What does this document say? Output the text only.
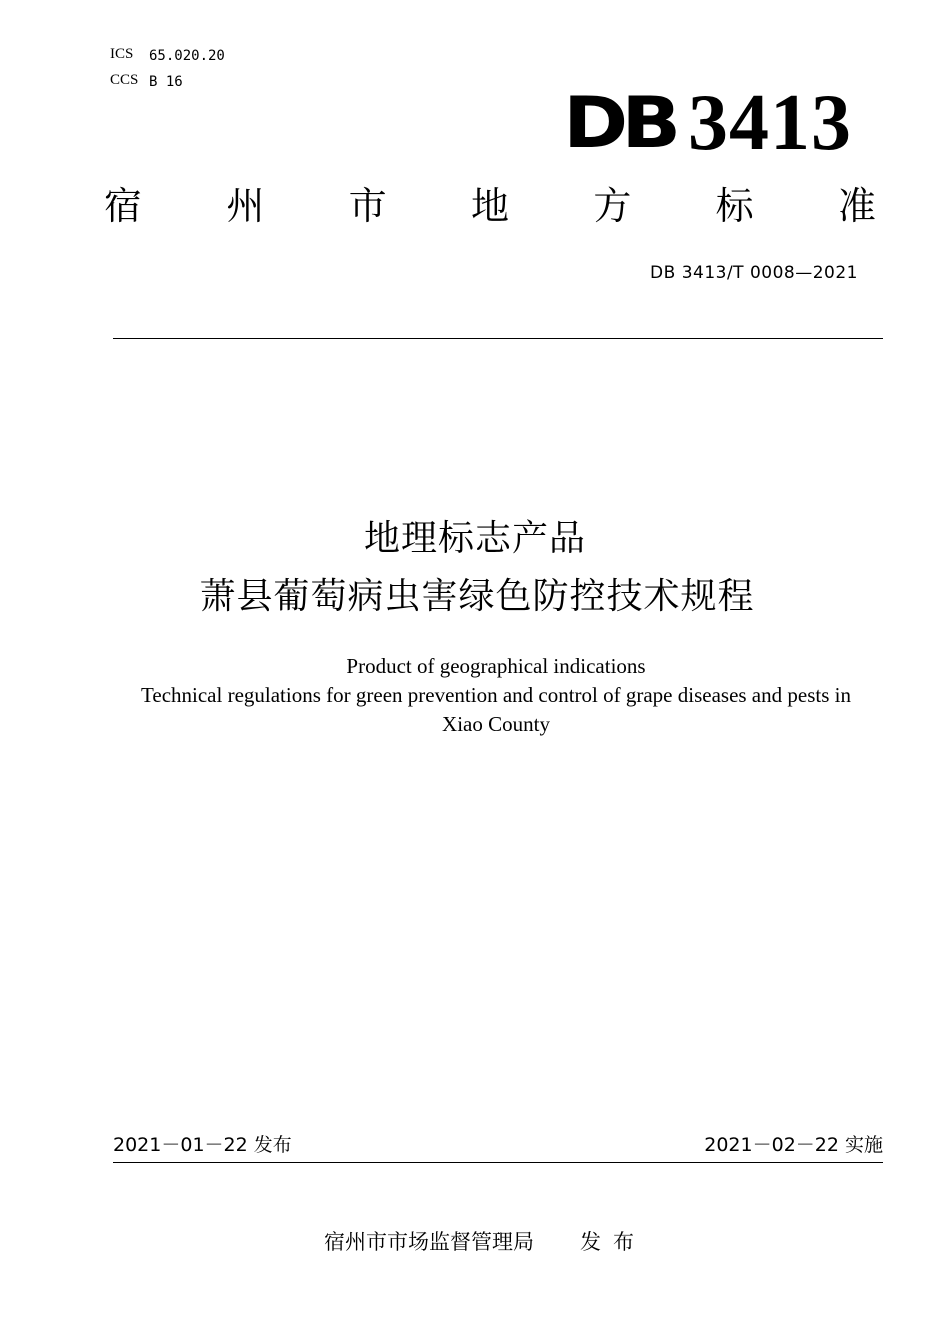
ICS 65.020.20
CCS B 16	DB 3413
宿 州 市 地 方 标 准
DB 3413/T 0008—2021
地理标志产品
萧县葡萄病虫害绿色防控技术规程
Product of geographical indications
Technical regulations for green prevention and control of grape diseases and pests in
Xiao County
2021－01－22 发布	2021－02－22 实施
宿州市市场监督管理局 发布
